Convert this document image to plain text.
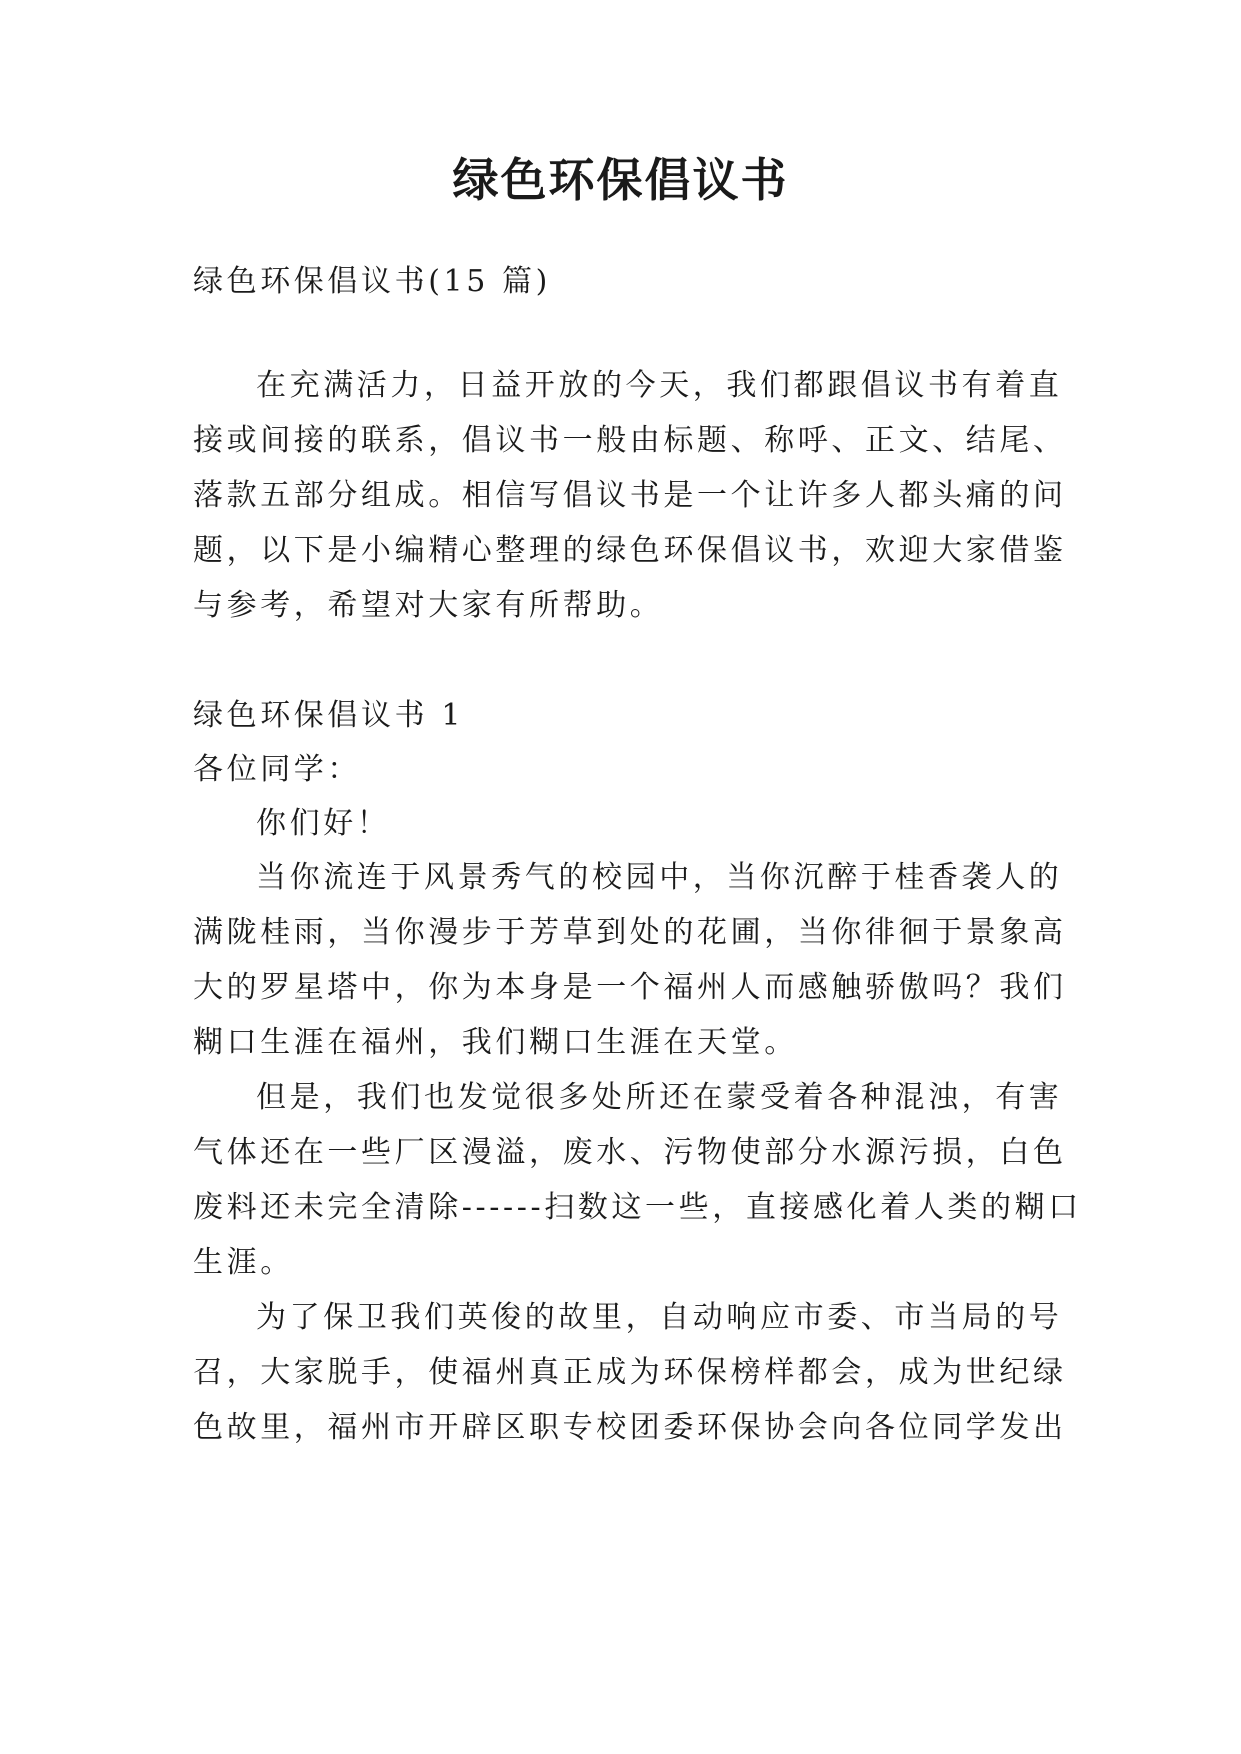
绿色环保倡议书

绿色环保倡议书(15 篇)

在充满活力，日益开放的今天，我们都跟倡议书有着直

接或间接的联系，倡议书一般由标题、称呼、正文、结尾、

落款五部分组成。相信写倡议书是一个让许多人都头痛的问

题，以下是小编精心整理的绿色环保倡议书，欢迎大家借鉴

与参考，希望对大家有所帮助。

绿色环保倡议书 1

各位同学：

你们好！

当你流连于风景秀气的校园中，当你沉醉于桂香袭人的

满陇桂雨，当你漫步于芳草到处的花圃，当你徘徊于景象高

大的罗星塔中，你为本身是一个福州人而感触骄傲吗？我们

糊口生涯在福州，我们糊口生涯在天堂。

但是，我们也发觉很多处所还在蒙受着各种混浊，有害

气体还在一些厂区漫溢，废水、污物使部分水源污损，白色

废料还未完全清除------扫数这一些，直接感化着人类的糊口

生涯。

为了保卫我们英俊的故里，自动响应市委、市当局的号

召，大家脱手，使福州真正成为环保榜样都会，成为世纪绿

色故里，福州市开辟区职专校团委环保协会向各位同学发出
